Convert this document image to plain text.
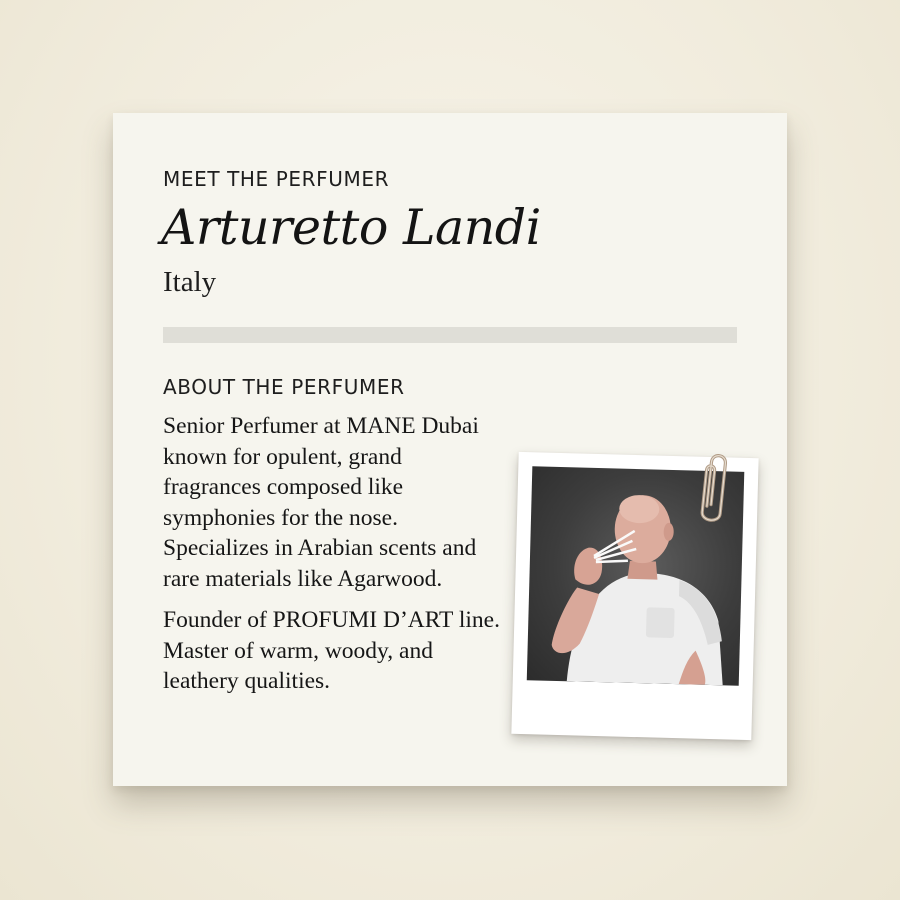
MEET THE PERFUMER
Arturetto Landi
Italy
ABOUT THE PERFUMER

Senior Perfumer at MANE Dubai known for opulent, grand fragrances composed like symphonies for the nose. Specializes in Arabian scents and rare materials like Agarwood.

Founder of PROFUMI D’ART line. Master of warm, woody, and leathery qualities.
